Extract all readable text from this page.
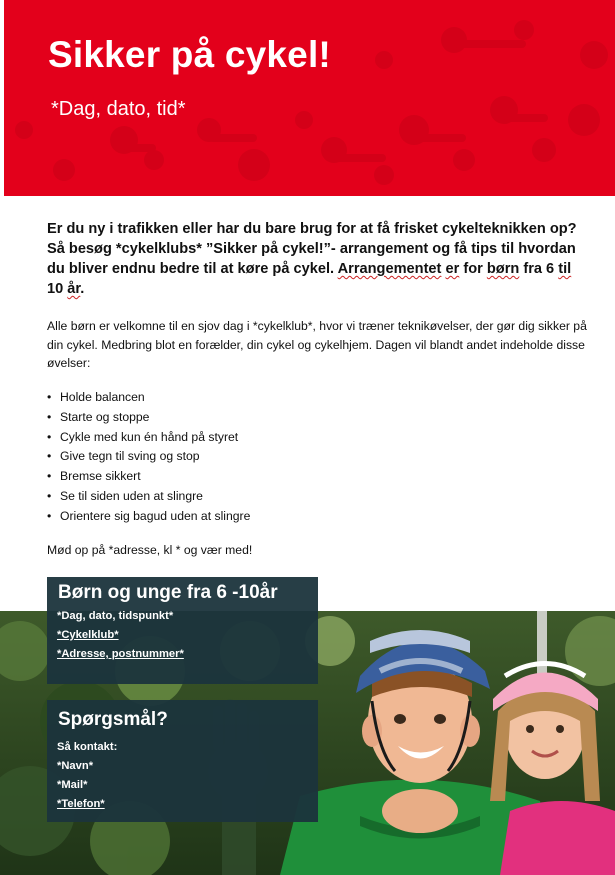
Sikker på cykel!
*Dag, dato, tid*

Er du ny i trafikken eller har du bare brug for at få frisket cykelteknikken op? Så besøg *cykelklubs* ”Sikker på cykel!”- arrangement og få tips til hvordan du bliver endnu bedre til at køre på cykel. Arrangementet er for børn fra 6 til 10 år.

Alle børn er velkomne til en sjov dag i *cykelklub*, hvor vi træner teknikøvelser, der gør dig sikker på din cykel. Medbring blot en forælder, din cykel og cykelhjem. Dagen vil blandt andet indeholde disse øvelser:

• Holde balancen
• Starte og stoppe
• Cykle med kun én hånd på styret
• Give tegn til sving og stop
• Bremse sikkert
• Se til siden uden at slingre
• Orientere sig bagud uden at slingre

Mød op på *adresse, kl * og vær med!

Børn og unge fra 6 -10år
*Dag, dato, tidspunkt*
*Cykelklub*
*Adresse, postnummer*
Spørgsmål?
Så kontakt:
*Navn*
*Mail*
*Telefon*
